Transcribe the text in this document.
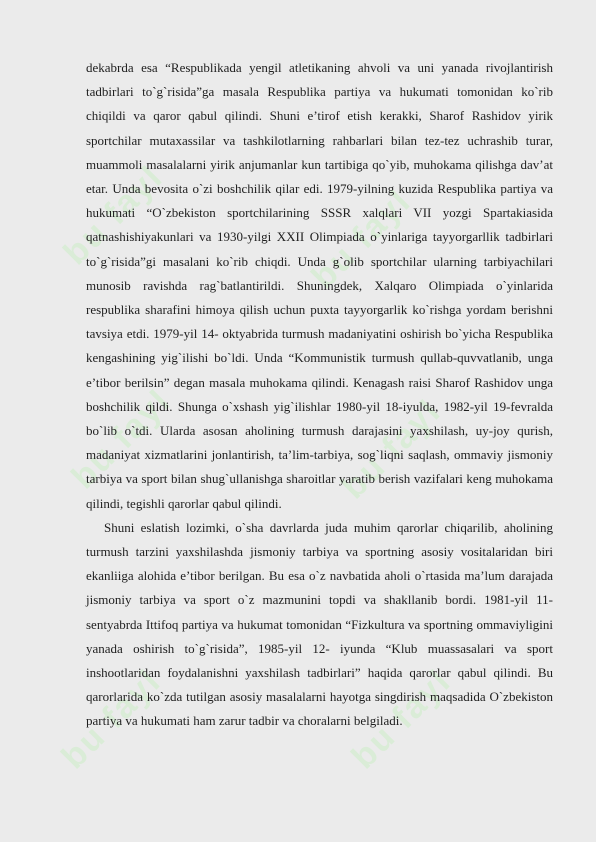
bu fayl	bu fayl
bu fayl	bu fayl
bu fayl	bu fayl

dekabrda esa “Respublikada yengil atletikaning ahvoli va uni yanada rivojlantirish tadbirlari to`g`risida”ga masala Respublika partiya va hukumati tomonidan ko`rib chiqildi va qaror qabul qilindi. Shuni e’tirof etish kerakki, Sharof Rashidov yirik sportchilar mutaxassilar va tashkilotlarning rahbarlari bilan tez-tez uchrashib turar, muammoli masalalarni yirik anjumanlar kun tartibiga qo`yib, muhokama qilishga dav’at etar. Unda bevosita o`zi boshchilik qilar edi. 1979-yilning kuzida Respublika partiya va hukumati “O`zbekiston sportchilarining SSSR xalqlari VII yozgi Spartakiasida qatnashishiyakunlari va 1930-yilgi XXII Olimpiada o`yinlariga tayyorgarllik tadbirlari to`g`risida”gi masalani ko`rib chiqdi. Unda g`olib sportchilar ularning tarbiyachilari munosib ravishda rag`batlantirildi. Shuningdek, Xalqaro Olimpiada o`yinlarida respublika sharafini himoya qilish uchun puxta tayyorgarlik ko`rishga yordam berishni tavsiya etdi. 1979-yil 14- oktyabrida turmush madaniyatini oshirish bo`yicha Respublika kengashining yig`ilishi bo`ldi. Unda “Kommunistik turmush qullab-quvvatlanib, unga e’tibor berilsin” degan masala muhokama qilindi. Kenagash raisi Sharof Rashidov unga boshchilik qildi. Shunga o`xshash yig`ilishlar 1980-yil 18-iyulda, 1982-yil 19-fevralda bo`lib o`tdi. Ularda asosan aholining turmush darajasini yaxshilash, uy-joy qurish, madaniyat xizmatlarini jonlantirish, ta’lim-tarbiya, sog`liqni saqlash, ommaviy jismoniy tarbiya va sport bilan shug`ullanishga sharoitlar yaratib berish vazifalari keng muhokama qilindi, tegishli qarorlar qabul qilindi.

Shuni eslatish lozimki, o`sha davrlarda juda muhim qarorlar chiqarilib, aholining turmush tarzini yaxshilashda jismoniy tarbiya va sportning asosiy vositalaridan biri ekanliiga alohida e’tibor berilgan. Bu esa o`z navbatida aholi o`rtasida ma’lum darajada jismoniy tarbiya va sport o`z mazmunini topdi va shakllanib bordi. 1981-yil 11-sentyabrda Ittifoq partiya va hukumat tomonidan “Fizkultura va sportning ommaviyligini yanada oshirish to`g`risida”, 1985-yil 12- iyunda “Klub muassasalari va sport inshootlaridan foydalanishni yaxshilash tadbirlari” haqida qarorlar qabul qilindi. Bu qarorlarida ko`zda tutilgan asosiy masalalarni hayotga singdirish maqsadida O`zbekiston partiya va hukumati ham zarur tadbir va choralarni belgiladi.
